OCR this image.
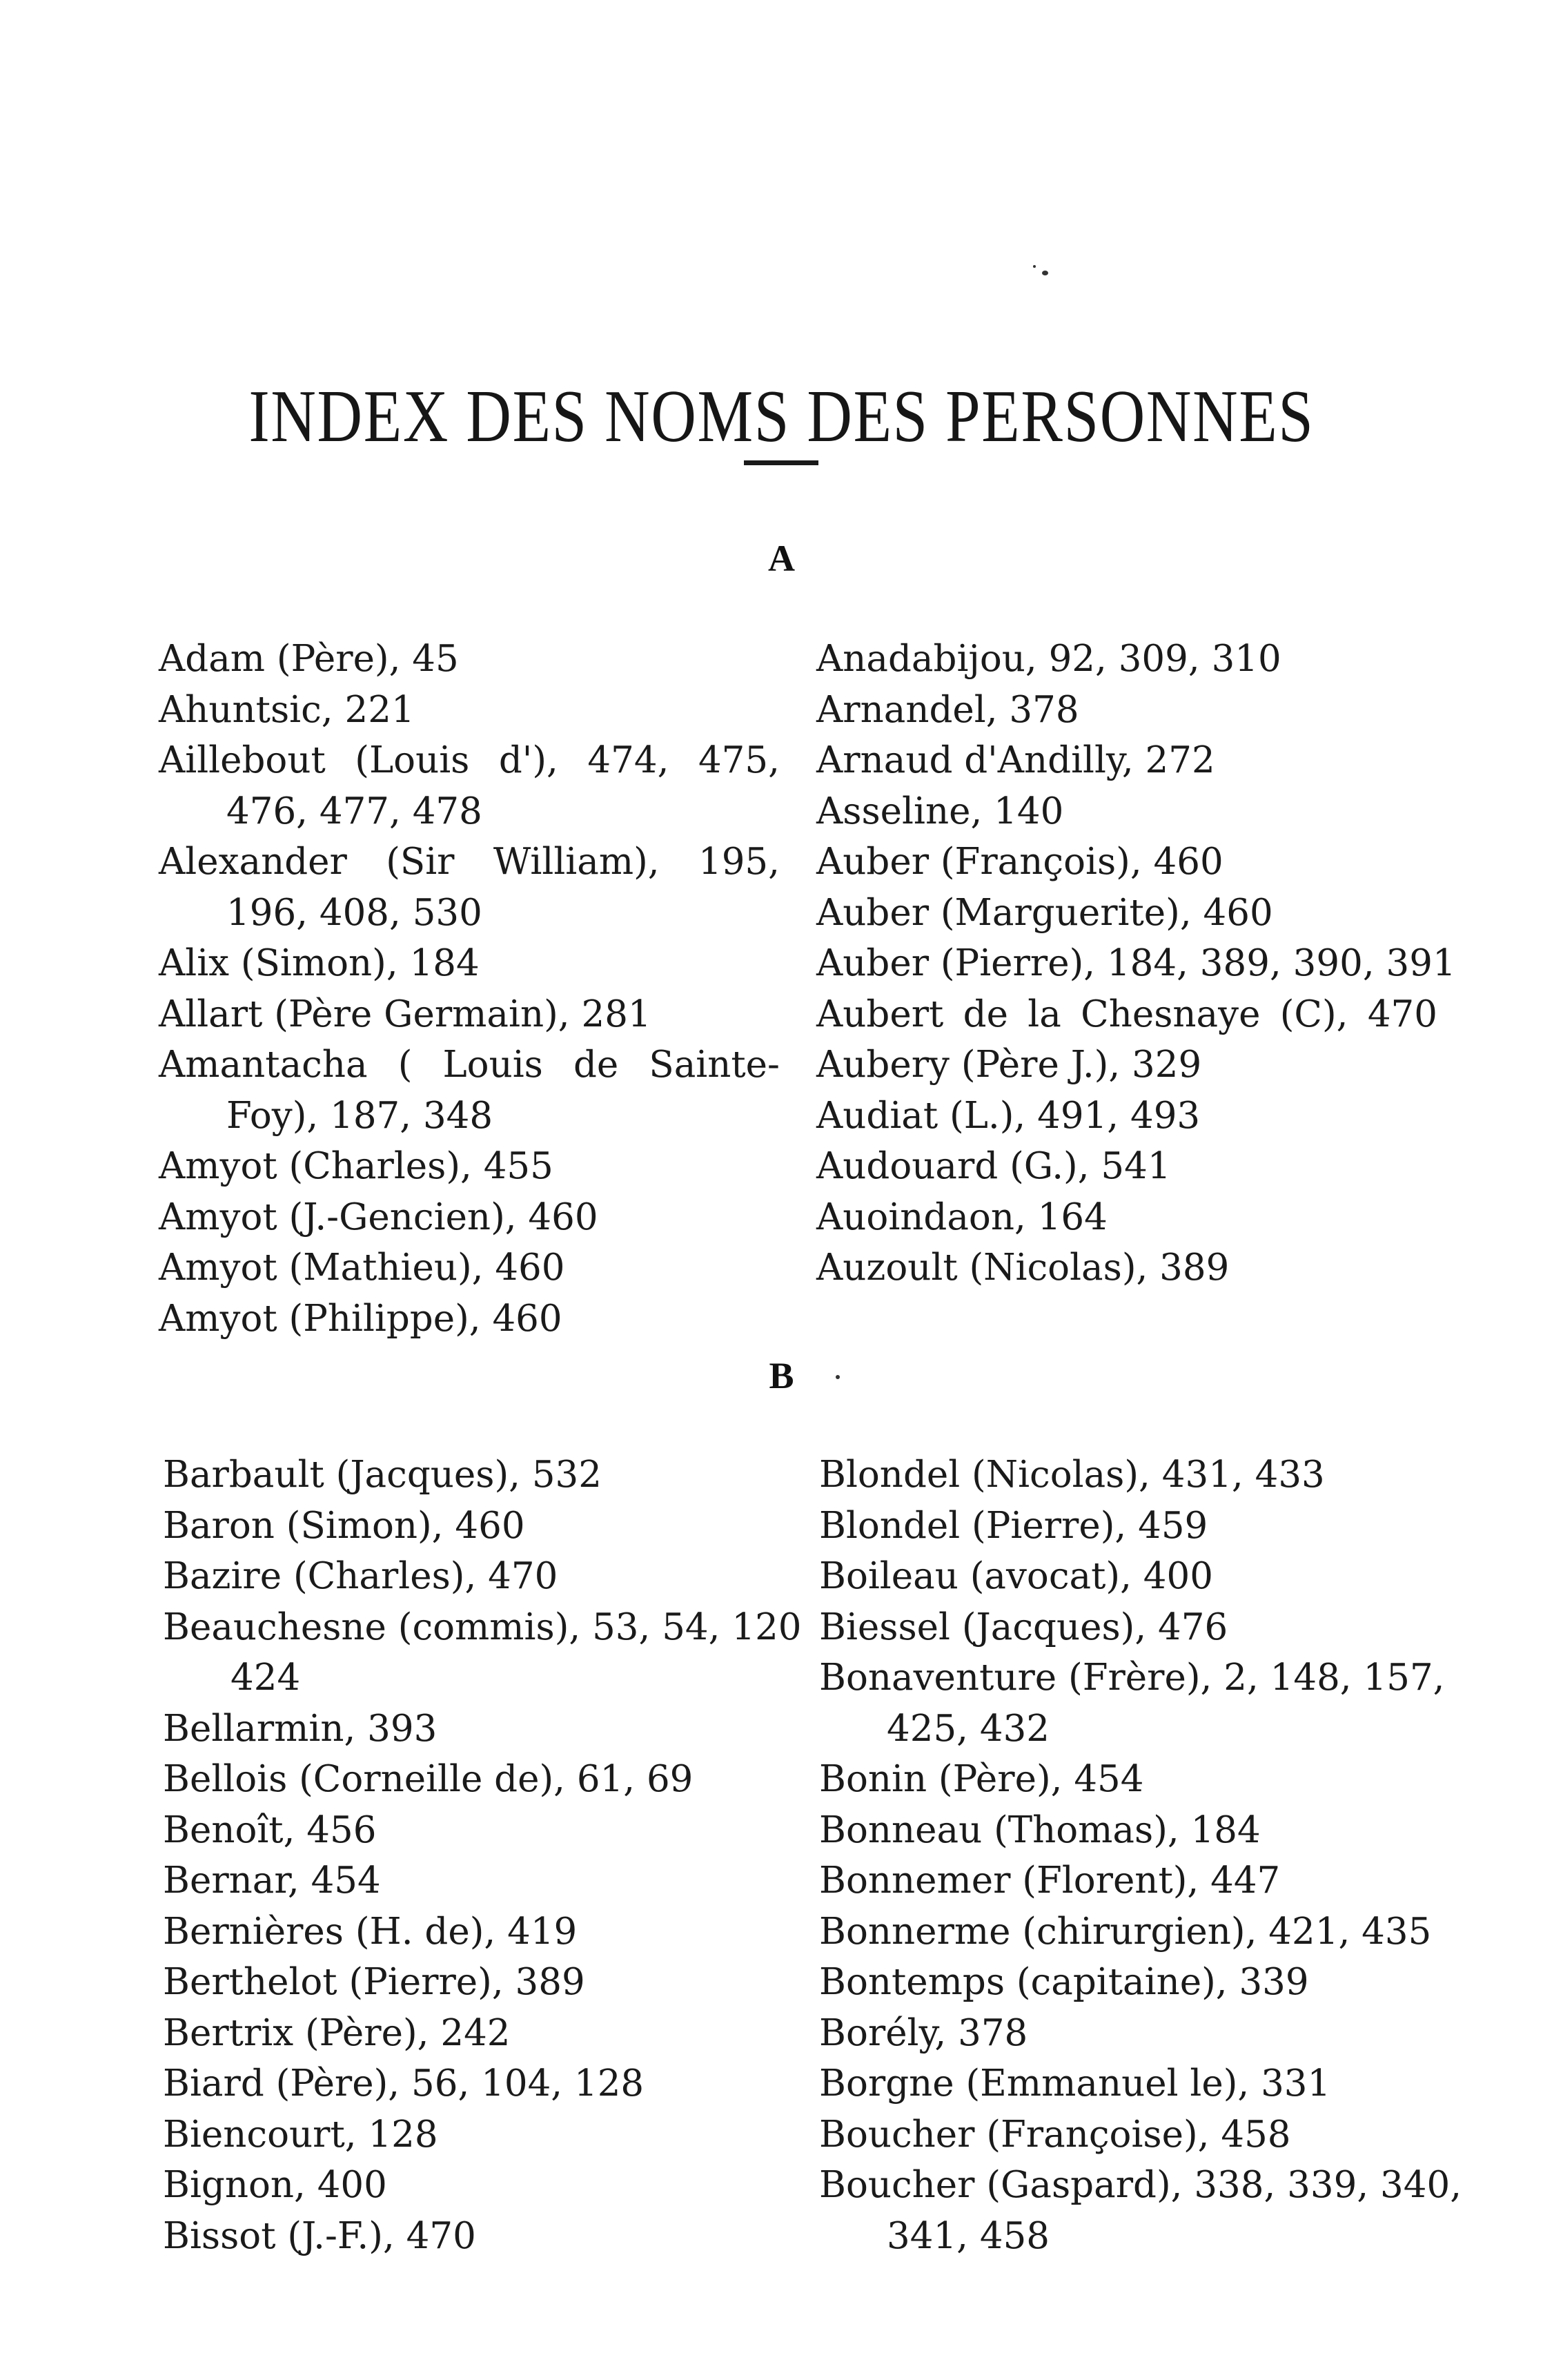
INDEX DES NOMS DES PERSONNES
A
Adam (Père), 45
Ahuntsic, 221
Aillebout (Louis d'), 474, 475,
476, 477, 478
Alexander (Sir William), 195,
196, 408, 530
Alix (Simon), 184
Allart (Père Germain), 281
Amantacha ( Louis de Sainte-
Foy), 187, 348
Amyot (Charles), 455
Amyot (J.-Gencien), 460
Amyot (Mathieu), 460
Amyot (Philippe), 460
Anadabijou, 92, 309, 310
Arnandel, 378
Arnaud d'Andilly, 272
Asseline, 140
Auber (François), 460
Auber (Marguerite), 460
Auber (Pierre), 184, 389, 390, 391
Aubert de la Chesnaye (C), 470
Aubery (Père J.), 329
Audiat (L.), 491, 493
Audouard (G.), 541
Auoindaon, 164
Auzoult (Nicolas), 389
B
Barbault (Jacques), 532
Baron (Simon), 460
Bazire (Charles), 470
Beauchesne (commis), 53, 54, 120
424
Bellarmin, 393
Bellois (Corneille de), 61, 69
Benoît, 456
Bernar, 454
Bernières (H. de), 419
Berthelot (Pierre), 389
Bertrix (Père), 242
Biard (Père), 56, 104, 128
Biencourt, 128
Bignon, 400
Bissot (J.-F.), 470
Blondel (Nicolas), 431, 433
Blondel (Pierre), 459
Boileau (avocat), 400
Biessel (Jacques), 476
Bonaventure (Frère), 2, 148, 157,
425, 432
Bonin (Père), 454
Bonneau (Thomas), 184
Bonnemer (Florent), 447
Bonnerme (chirurgien), 421, 435
Bontemps (capitaine), 339
Borély, 378
Borgne (Emmanuel le), 331
Boucher (Françoise), 458
Boucher (Gaspard), 338, 339, 340,
341, 458
